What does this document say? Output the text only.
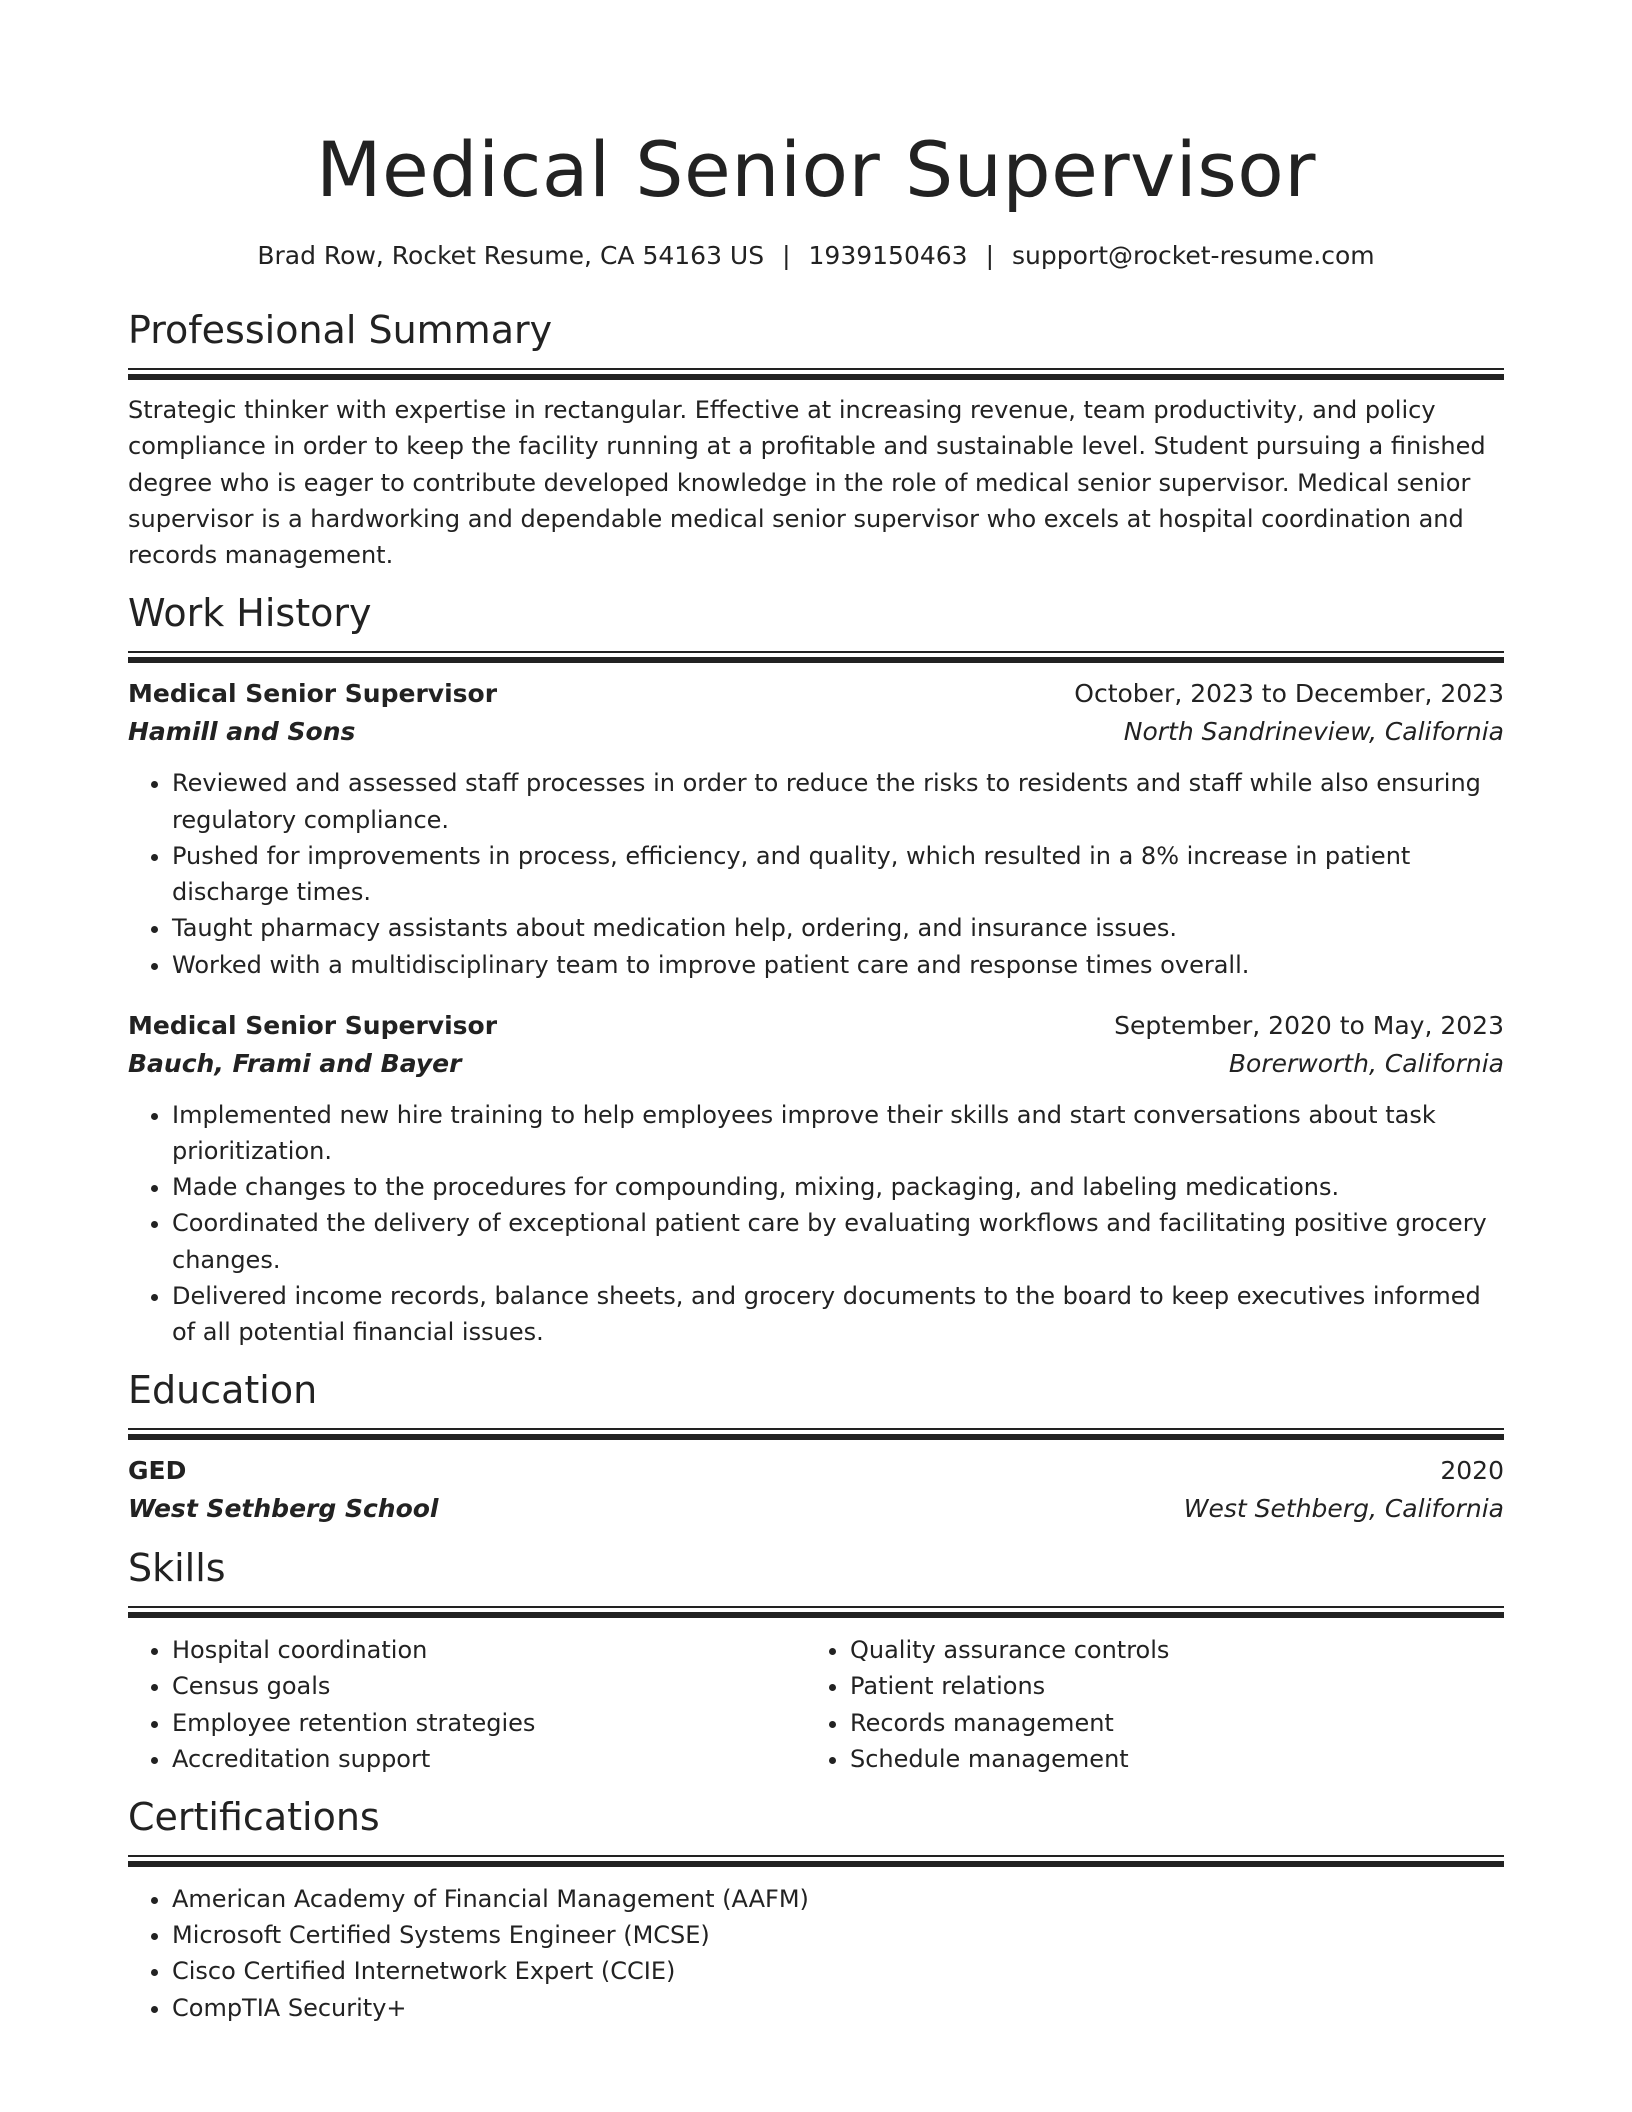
Medical Senior Supervisor
Brad Row, Rocket Resume, CA 54163 US | 1939150463 | support@rocket-resume.com
Professional Summary

Strategic thinker with expertise in rectangular. Effective at increasing revenue, team productivity, and policy compliance in order to keep the facility running at a profitable and sustainable level. Student pursuing a finished degree who is eager to contribute developed knowledge in the role of medical senior supervisor. Medical senior supervisor is a hardworking and dependable medical senior supervisor who excels at hospital coordination and records management.

Work History
Medical Senior Supervisor	October, 2023 to December, 2023
Hamill and Sons	North Sandrineview, California
• Reviewed and assessed staff processes in order to reduce the risks to residents and staff while also ensuring regulatory compliance.
• Pushed for improvements in process, efficiency, and quality, which resulted in a 8% increase in patient discharge times.
• Taught pharmacy assistants about medication help, ordering, and insurance issues.
• Worked with a multidisciplinary team to improve patient care and response times overall.
Medical Senior Supervisor	September, 2020 to May, 2023
Bauch, Frami and Bayer	Borerworth, California
• Implemented new hire training to help employees improve their skills and start conversations about task prioritization.
• Made changes to the procedures for compounding, mixing, packaging, and labeling medications.
• Coordinated the delivery of exceptional patient care by evaluating workflows and facilitating positive grocery changes.
• Delivered income records, balance sheets, and grocery documents to the board to keep executives informed of all potential financial issues.
Education
GED	2020
West Sethberg School	West Sethberg, California
Skills
• Hospital coordination
• Census goals
• Employee retention strategies
• Accreditation support
• Quality assurance controls
• Patient relations
• Records management
• Schedule management
Certifications
• American Academy of Financial Management (AAFM)
• Microsoft Certified Systems Engineer (MCSE)
• Cisco Certified Internetwork Expert (CCIE)
• CompTIA Security+
